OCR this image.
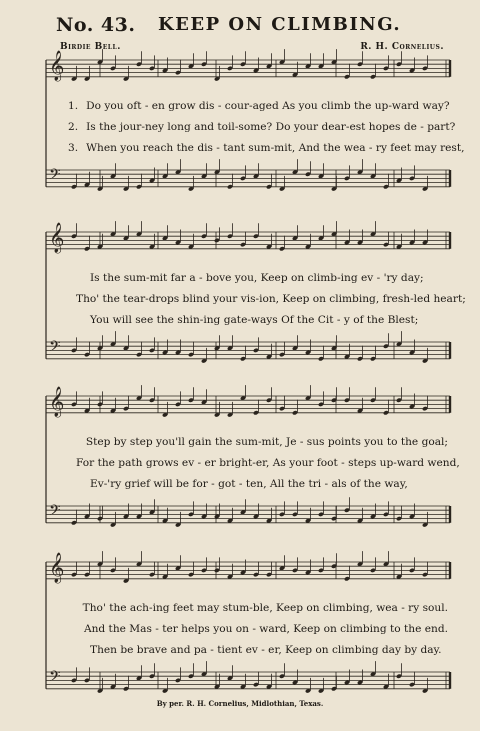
No. 43. KEEP ON CLIMBING.
Birdie Bell.	R. H. Cornelius.
𝄞
𝄢
1. Do you oft - en grow dis - cour-aged As you climb the up-ward way?
2. Is the jour-ney long and toil-some? Do your dear-est hopes de - part?
3. When you reach the dis - tant sum-mit, And the wea - ry feet may rest,
𝄞
𝄢
Is the sum-mit far a - bove you, Keep on climb-ing ev - 'ry day;
Tho' the tear-drops blind your vis-ion, Keep on climbing, fresh-led heart;
You will see the shin-ing gate-ways Of the Cit - y of the Blest;
𝄞
𝄢
Step by step you'll gain the sum-mit, Je - sus points you to the goal;
For the path grows ev - er bright-er, As your foot - steps up-ward wend,
Ev-'ry grief will be for - got - ten, All the tri - als of the way,
𝄞
𝄢
Tho' the ach-ing feet may stum-ble, Keep on climbing, wea - ry soul.
And the Mas - ter helps you on - ward, Keep on climbing to the end.
Then be brave and pa - tient ev - er, Keep on climbing day by day.
By per. R. H. Cornelius, Midlothian, Texas.
